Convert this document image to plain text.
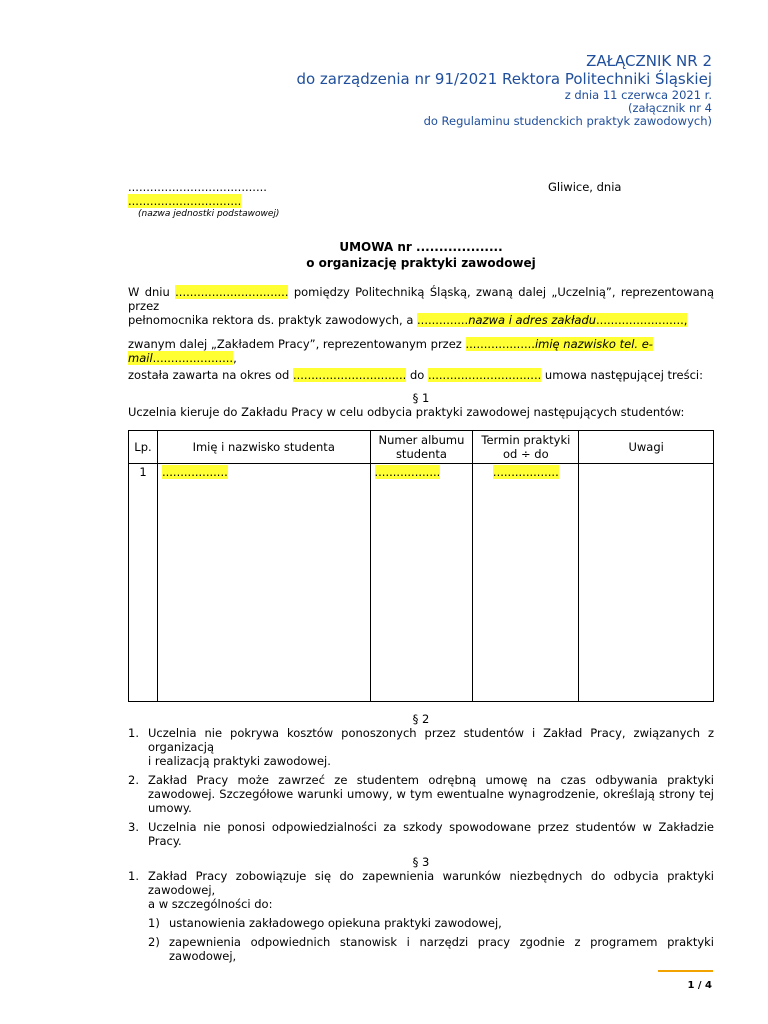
ZAŁĄCZNIK NR 2
do zarządzenia nr 91/2021 Rektora Politechniki Śląskiej
z dnia 11 czerwca 2021 r.
(załącznik nr 4
do Regulaminu studenckich praktyk zawodowych)
......................................	Gliwice, dnia
...............................
(nazwa jednostki podstawowej)
UMOWA nr ...................
o organizację praktyki zawodowej
W dniu ............................... pomiędzy Politechniką Śląską, zwaną dalej „Uczelnią”, reprezentowaną przez
pełnomocnika rektora ds. praktyk zawodowych, a ..............nazwa i adres zakładu........................,
zwanym dalej „Zakładem Pracy”, reprezentowanym przez ...................imię nazwisko tel. e-mail......................,
została zawarta na okres od ............................... do ............................... umowa następującej treści:
§ 1
Uczelnia kieruje do Zakładu Pracy w celu odbycia praktyki zawodowej następujących studentów:
Lp.	Imię i nazwisko studenta	Numer albumu studenta	Termin praktyki od ÷ do	Uwagi
1	..................	..................	..................	
§ 2
1. Uczelnia nie pokrywa kosztów ponoszonych przez studentów i Zakład Pracy, związanych z organizacją
i realizacją praktyki zawodowej.
2. Zakład Pracy może zawrzeć ze studentem odrębną umowę na czas odbywania praktyki zawodowej. Szczegółowe warunki umowy, w tym ewentualne wynagrodzenie, określają strony tej umowy.
3. Uczelnia nie ponosi odpowiedzialności za szkody spowodowane przez studentów w Zakładzie Pracy.
§ 3
1. Zakład Pracy zobowiązuje się do zapewnienia warunków niezbędnych do odbycia praktyki zawodowej,
a w szczególności do:
1) ustanowienia zakładowego opiekuna praktyki zawodowej,
2) zapewnienia odpowiednich stanowisk i narzędzi pracy zgodnie z programem praktyki zawodowej,
1 / 4
